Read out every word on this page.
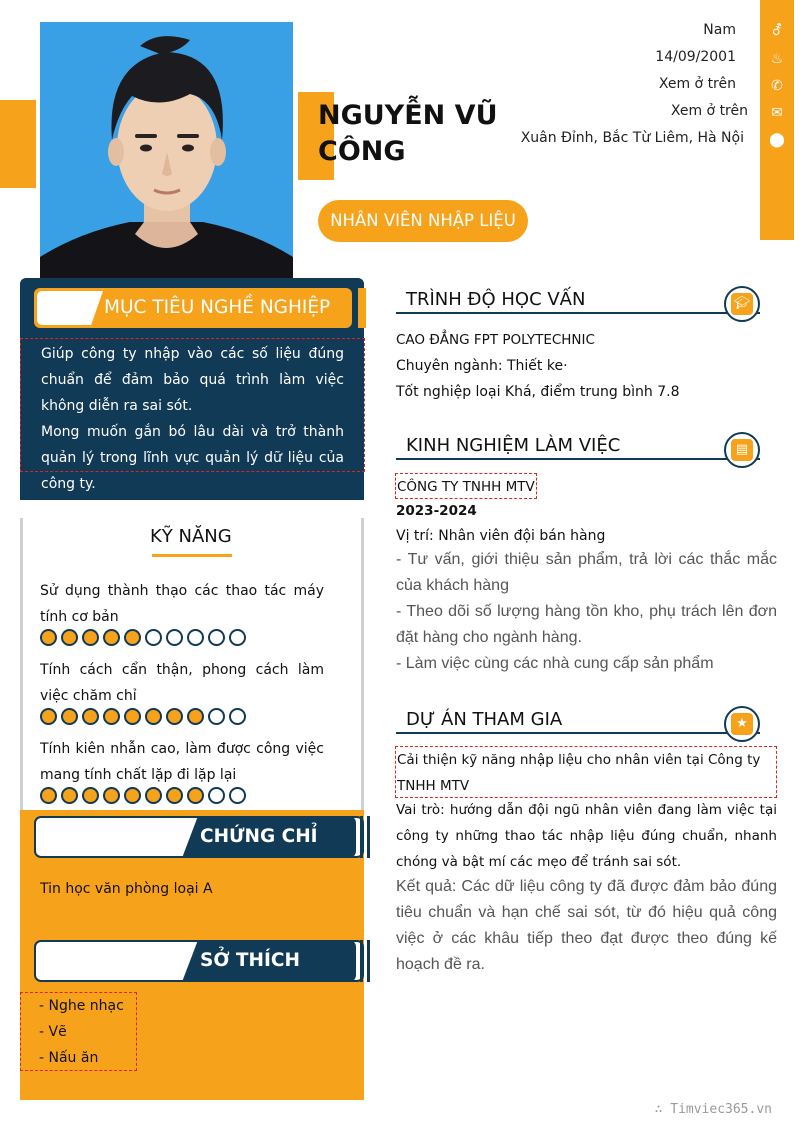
NGUYỄN VŨ CÔNG
NHÂN VIÊN NHẬP LIỆU
Nam
14/09/2001
Xem ở trên
Xem ở trên
Xuân Đỉnh, Bắc Từ Liêm, Hà Nội
⚦
♨
✆
✉
⬤
MỤC TIÊU NGHỀ NGHIỆP
Giúp công ty nhập vào các số liệu đúng chuẩn để đảm bảo quá trình làm việc không diễn ra sai sót.
Mong muốn gắn bó lâu dài và trở thành quản lý trong lĩnh vực quản lý dữ liệu của công ty.
KỸ NĂNG
Sử dụng thành thạo các thao tác máy tính cơ bản
Tính cách cẩn thận, phong cách làm việc chăm chỉ
Tính kiên nhẫn cao, làm được công việc mang tính chất lặp đi lặp lại
CHỨNG CHỈ
Tin học văn phòng loại A
SỞ THÍCH
- Nghe nhạc
- Vẽ
- Nấu ăn
TRÌNH ĐỘ HỌC VẤN	🎓︎
CAO ĐẲNG FPT POLYTECHNIC
Chuyên ngành: Thiết ke·
Tốt nghiệp loại Khá, điểm trung bình 7.8
KINH NGHIỆM LÀM VIỆC	▤
CÔNG TY TNHH MTV
2023-2024
Vị trí: Nhân viên đội bán hàng
- Tư vấn, giới thiệu sản phẩm, trả lời các thắc mắc của khách hàng
- Theo dõi số lượng hàng tồn kho, phụ trách lên đơn đặt hàng cho ngành hàng.
- Làm việc cùng các nhà cung cấp sản phẩm
DỰ ÁN THAM GIA	★
Cải thiện kỹ năng nhập liệu cho nhân viên tại Công ty TNHH MTV
Vai trò: hướng dẫn đội ngũ nhân viên đang làm việc tại công ty những thao tác nhập liệu đúng chuẩn, nhanh chóng và bật mí các mẹo để tránh sai sót.
Kết quả: Các dữ liệu công ty đã được đảm bảo đúng tiêu chuẩn và hạn chế sai sót, từ đó hiệu quả công việc ở các khâu tiếp theo đạt được theo đúng kế hoạch đề ra.
∴ Timviec365.vn
